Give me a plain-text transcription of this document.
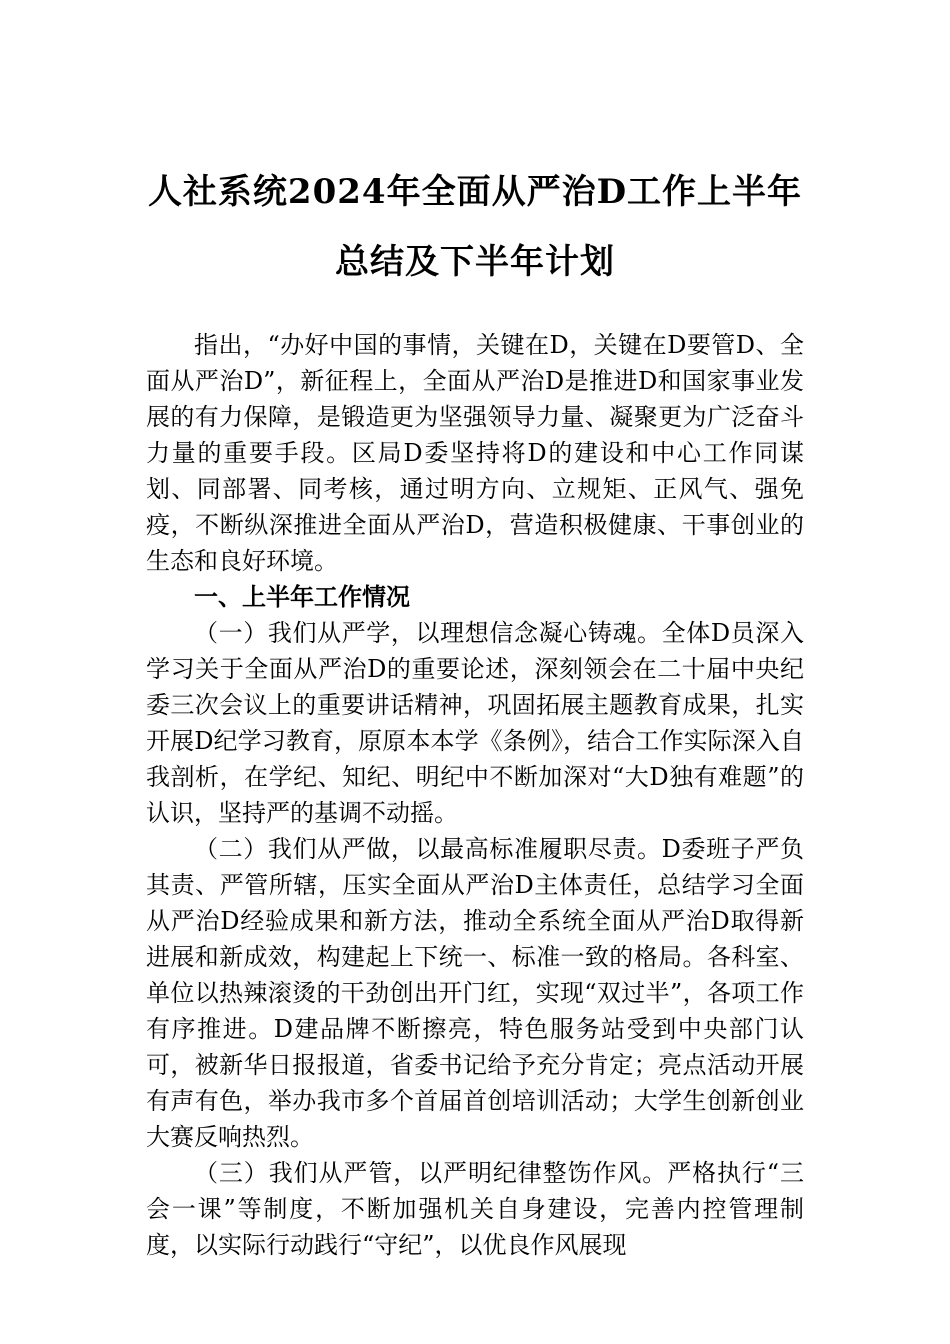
人社系统2024年全面从严治D工作上半年
总结及下半年计划

指出，“办好中国的事情，关键在D，关键在D要管D、全面从严治D”，新征程上，全面从严治D是推进D和国家事业发展的有力保障，是锻造更为坚强领导力量、凝聚更为广泛奋斗力量的重要手段。区局D委坚持将D的建设和中心工作同谋划、同部署、同考核，通过明方向、立规矩、正风气、强免疫，不断纵深推进全面从严治D，营造积极健康、干事创业的生态和良好环境。

一、上半年工作情况

（一）我们从严学，以理想信念凝心铸魂。全体D员深入学习关于全面从严治D的重要论述，深刻领会在二十届中央纪委三次会议上的重要讲话精神，巩固拓展主题教育成果，扎实开展D纪学习教育，原原本本学《条例》，结合工作实际深入自我剖析，在学纪、知纪、明纪中不断加深对“大D独有难题”的认识，坚持严的基调不动摇。

（二）我们从严做，以最高标准履职尽责。D委班子严负其责、严管所辖，压实全面从严治D主体责任，总结学习全面从严治D经验成果和新方法，推动全系统全面从严治D取得新进展和新成效，构建起上下统一、标准一致的格局。各科室、单位以热辣滚烫的干劲创出开门红，实现“双过半”，各项工作有序推进。D建品牌不断擦亮，特色服务站受到中央部门认可，被新华日报报道，省委书记给予充分肯定；亮点活动开展有声有色，举办我市多个首届首创培训活动；大学生创新创业大赛反响热烈。

（三）我们从严管，以严明纪律整饬作风。严格执行“三会一课”等制度，不断加强机关自身建设，完善内控管理制度，以实际行动践行“守纪”，以优良作风展现
